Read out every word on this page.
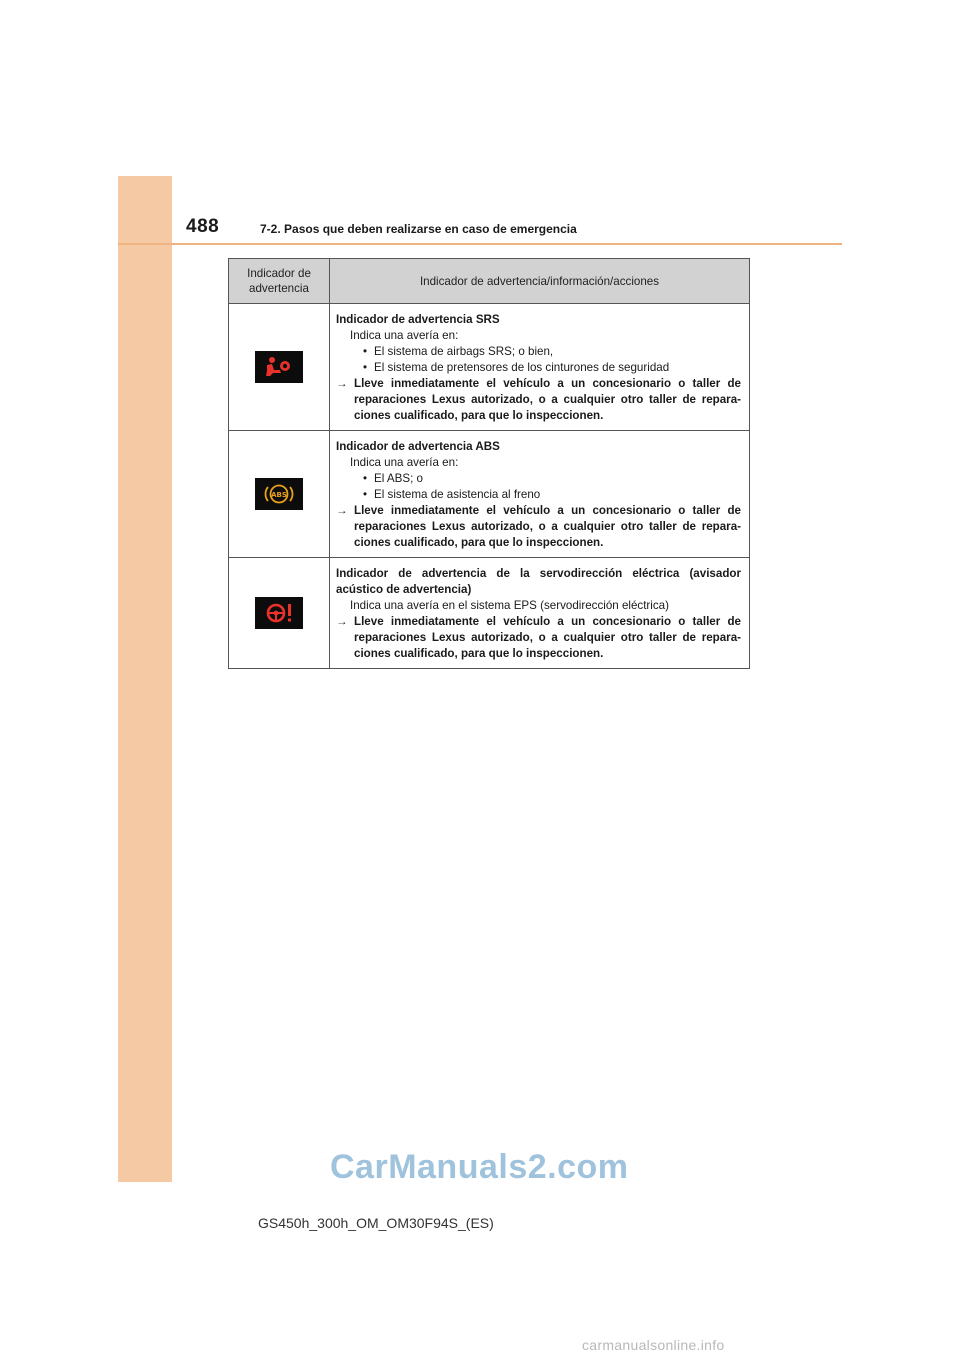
488	7-2. Pasos que deben realizarse en caso de emergencia
Indicador de advertencia	Indicador de advertencia/información/acciones

Indicador de advertencia SRS
Indica una avería en:
• El sistema de airbags SRS; o bien,
• El sistema de pretensores de los cinturones de seguridad
→ Lleve inmediatamente el vehículo a un concesionario o taller de reparaciones Lexus autorizado, o a cualquier otro taller de repara-ciones cualificado, para que lo inspeccionen.

ABS	Indicador de advertencia ABS
Indica una avería en:
• El ABS; o
• El sistema de asistencia al freno
→ Lleve inmediatamente el vehículo a un concesionario o taller de reparaciones Lexus autorizado, o a cualquier otro taller de repara-ciones cualificado, para que lo inspeccionen.

Indicador de advertencia de la servodirección eléctrica (avisador acústico de advertencia)
Indica una avería en el sistema EPS (servodirección eléctrica)
→ Lleve inmediatamente el vehículo a un concesionario o taller de reparaciones Lexus autorizado, o a cualquier otro taller de repara-ciones cualificado, para que lo inspeccionen.
CarManuals2.com
GS450h_300h_OM_OM30F94S_(ES)
carmanualsonline.info
